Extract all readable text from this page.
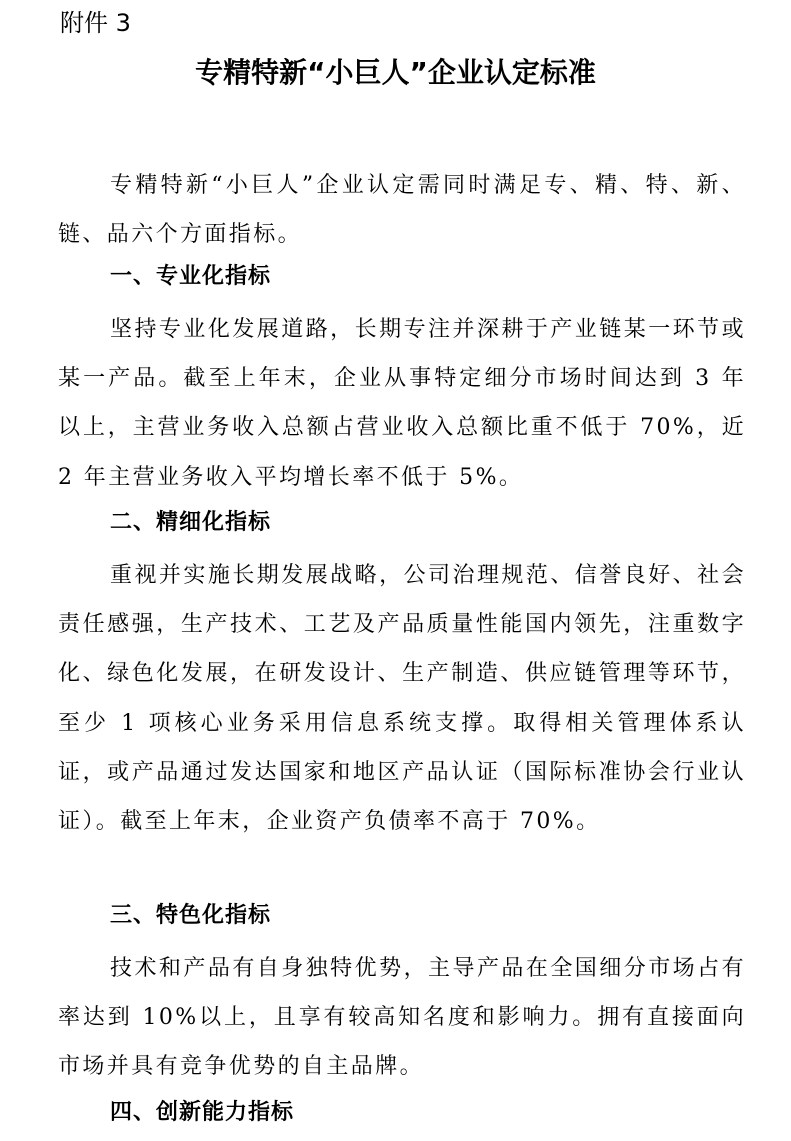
附件 3
专精特新“小巨人”企业认定标准

专精特新“小巨人”企业认定需同时满足专、精、特、新、链、品六个方面指标。

一、专业化指标

坚持专业化发展道路，长期专注并深耕于产业链某一环节或某一产品。截至上年末，企业从事特定细分市场时间达到 3 年以上，主营业务收入总额占营业收入总额比重不低于 70%，近 2 年主营业务收入平均增长率不低于 5%。

二、精细化指标

重视并实施长期发展战略，公司治理规范、信誉良好、社会责任感强，生产技术、工艺及产品质量性能国内领先，注重数字化、绿色化发展，在研发设计、生产制造、供应链管理等环节，至少 1 项核心业务采用信息系统支撑。取得相关管理体系认证，或产品通过发达国家和地区产品认证（国际标准协会行业认证）。截至上年末，企业资产负债率不高于 70%。

三、特色化指标

技术和产品有自身独特优势，主导产品在全国细分市场占有率达到 10%以上，且享有较高知名度和影响力。拥有直接面向市场并具有竞争优势的自主品牌。

四、创新能力指标
